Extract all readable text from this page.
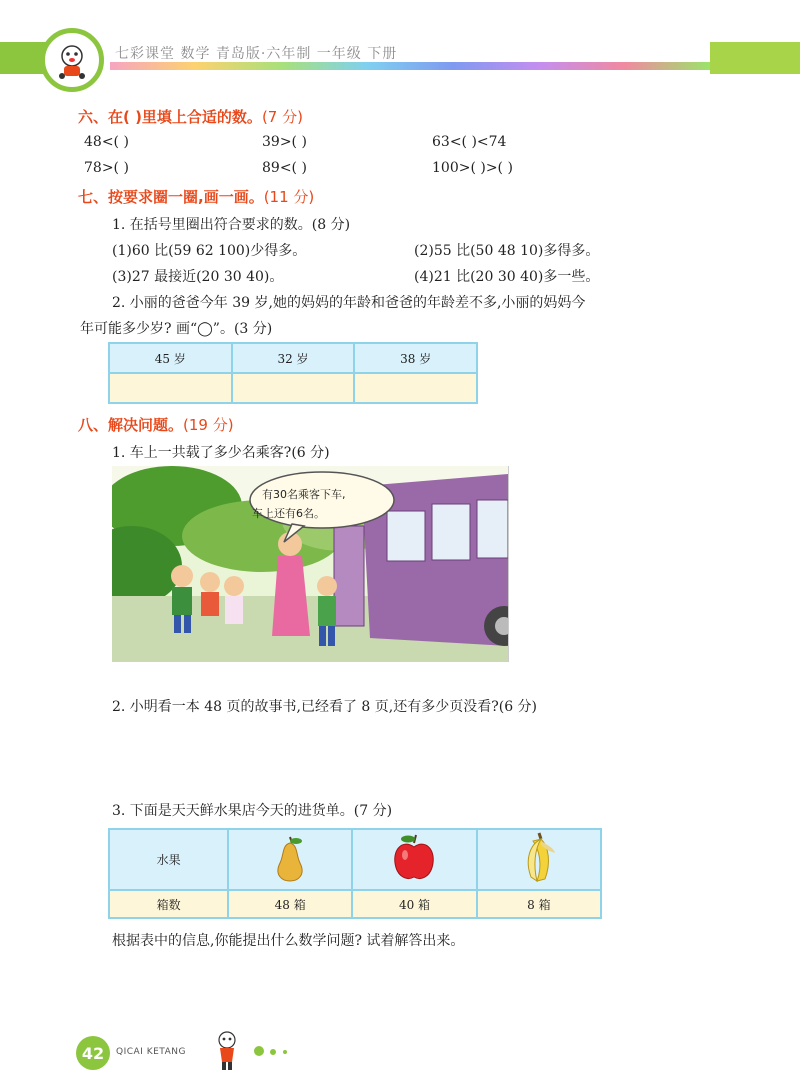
七彩课堂 数学 青岛版·六年制 一年级 下册
六、在( )里填上合适的数。(7 分)
48<( )	39>( )	63<( )<74
78>( )	89<( )	100>( )>( )
七、按要求圈一圈,画一画。(11 分)
1. 在括号里圈出符合要求的数。(8 分)
(1)60 比(59 62 100)少得多。	(2)55 比(50 48 10)多得多。
(3)27 最接近(20 30 40)。	(4)21 比(20 30 40)多一些。
2. 小丽的爸爸今年 39 岁,她的妈妈的年龄和爸爸的年龄差不多,小丽的妈妈今
年可能多少岁? 画“◯”。(3 分)
45 岁	32 岁	38 岁

八、解决问题。(19 分)
1. 车上一共载了多少名乘客?(6 分)
有30名乘客下车,
车上还有6名。
2. 小明看一本 48 页的故事书,已经看了 8 页,还有多少页没看?(6 分)
3. 下面是天天鲜水果店今天的进货单。(7 分)
水果			
箱数	48 箱	40 箱	8 箱
根据表中的信息,你能提出什么数学问题? 试着解答出来。
42	QICAI KETANG
